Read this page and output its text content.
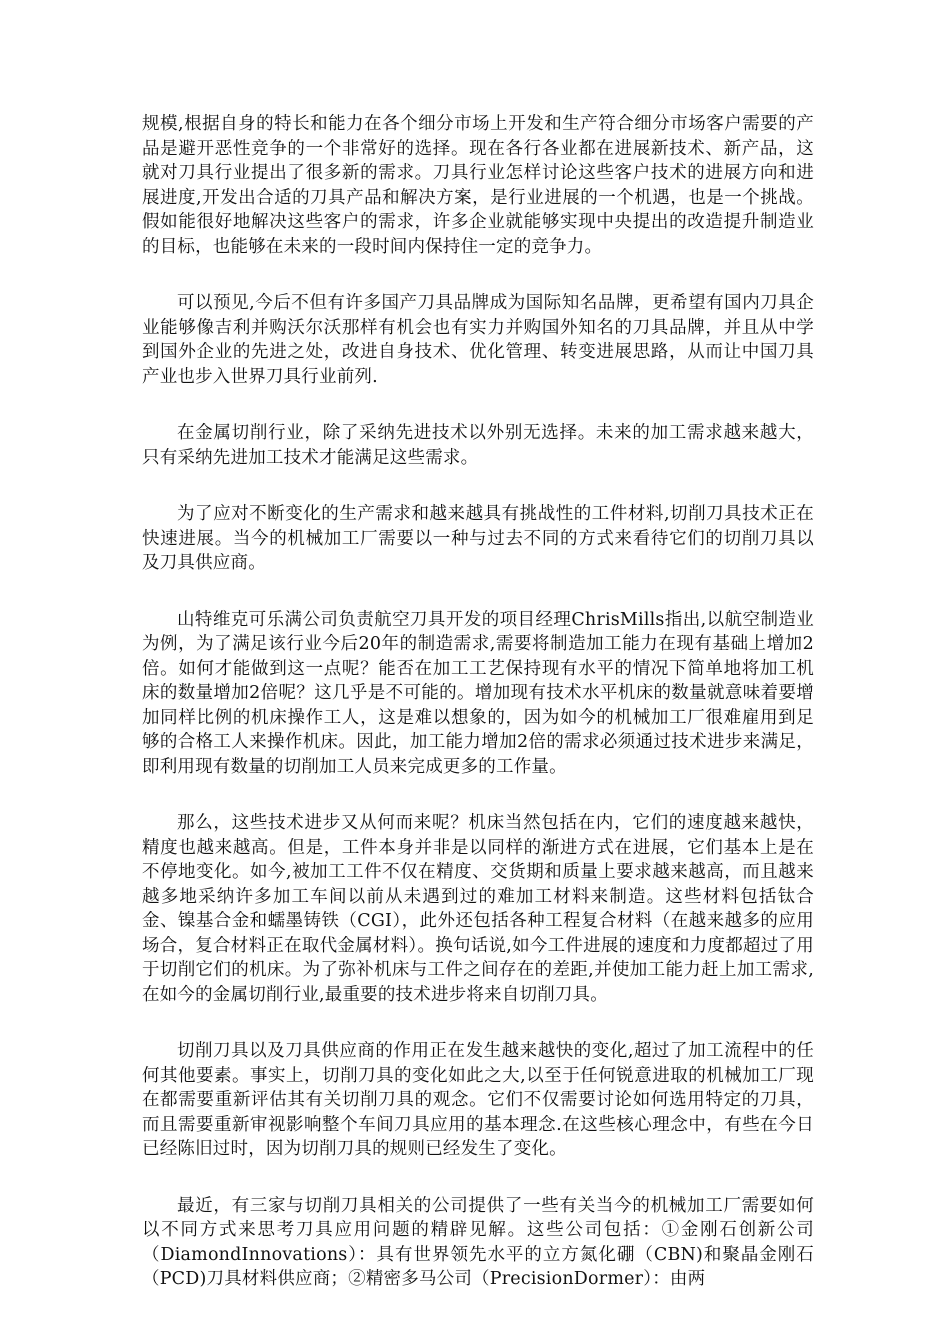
规模,根据自身的特长和能力在各个细分市场上开发和生产符合细分市场客户需要的产品是避开恶性竞争的一个非常好的选择。现在各行各业都在进展新技术、新产品，这就对刀具行业提出了很多新的需求。刀具行业怎样讨论这些客户技术的进展方向和进展进度,开发出合适的刀具产品和解决方案，是行业进展的一个机遇，也是一个挑战。假如能很好地解决这些客户的需求，许多企业就能够实现中央提出的改造提升制造业的目标，也能够在未来的一段时间内保持住一定的竞争力。

可以预见,今后不但有许多国产刀具品牌成为国际知名品牌，更希望有国内刀具企业能够像吉利并购沃尔沃那样有机会也有实力并购国外知名的刀具品牌，并且从中学到国外企业的先进之处，改进自身技术、优化管理、转变进展思路，从而让中国刀具产业也步入世界刀具行业前列.

在金属切削行业，除了采纳先进技术以外别无选择。未来的加工需求越来越大，只有采纳先进加工技术才能满足这些需求。

为了应对不断变化的生产需求和越来越具有挑战性的工件材料,切削刀具技术正在快速进展。当今的机械加工厂需要以一种与过去不同的方式来看待它们的切削刀具以及刀具供应商。

山特维克可乐满公司负责航空刀具开发的项目经理ChrisMills指出,以航空制造业为例，为了满足该行业今后20年的制造需求,需要将制造加工能力在现有基础上增加2倍。如何才能做到这一点呢？能否在加工工艺保持现有水平的情况下简单地将加工机床的数量增加2倍呢？这几乎是不可能的。增加现有技术水平机床的数量就意味着要增加同样比例的机床操作工人，这是难以想象的，因为如今的机械加工厂很难雇用到足够的合格工人来操作机床。因此，加工能力增加2倍的需求必须通过技术进步来满足，即利用现有数量的切削加工人员来完成更多的工作量。

那么，这些技术进步又从何而来呢？机床当然包括在内，它们的速度越来越快，精度也越来越高。但是，工件本身并非是以同样的渐进方式在进展，它们基本上是在不停地变化。如今,被加工工件不仅在精度、交货期和质量上要求越来越高，而且越来越多地采纳许多加工车间以前从未遇到过的难加工材料来制造。这些材料包括钛合金、镍基合金和蠕墨铸铁（CGI），此外还包括各种工程复合材料（在越来越多的应用场合，复合材料正在取代金属材料）。换句话说,如今工件进展的速度和力度都超过了用于切削它们的机床。为了弥补机床与工件之间存在的差距,并使加工能力赶上加工需求,在如今的金属切削行业,最重要的技术进步将来自切削刀具。

切削刀具以及刀具供应商的作用正在发生越来越快的变化,超过了加工流程中的任何其他要素。事实上，切削刀具的变化如此之大,以至于任何锐意进取的机械加工厂现在都需要重新评估其有关切削刀具的观念。它们不仅需要讨论如何选用特定的刀具，而且需要重新审视影响整个车间刀具应用的基本理念.在这些核心理念中，有些在今日已经陈旧过时，因为切削刀具的规则已经发生了变化。

最近，有三家与切削刀具相关的公司提供了一些有关当今的机械加工厂需要如何以不同方式来思考刀具应用问题的精辟见解。这些公司包括：①金刚石创新公司（DiamondInnovations）：具有世界领先水平的立方氮化硼（CBN)和聚晶金刚石（PCD)刀具材料供应商；②精密多马公司（PrecisionDormer）：由两
